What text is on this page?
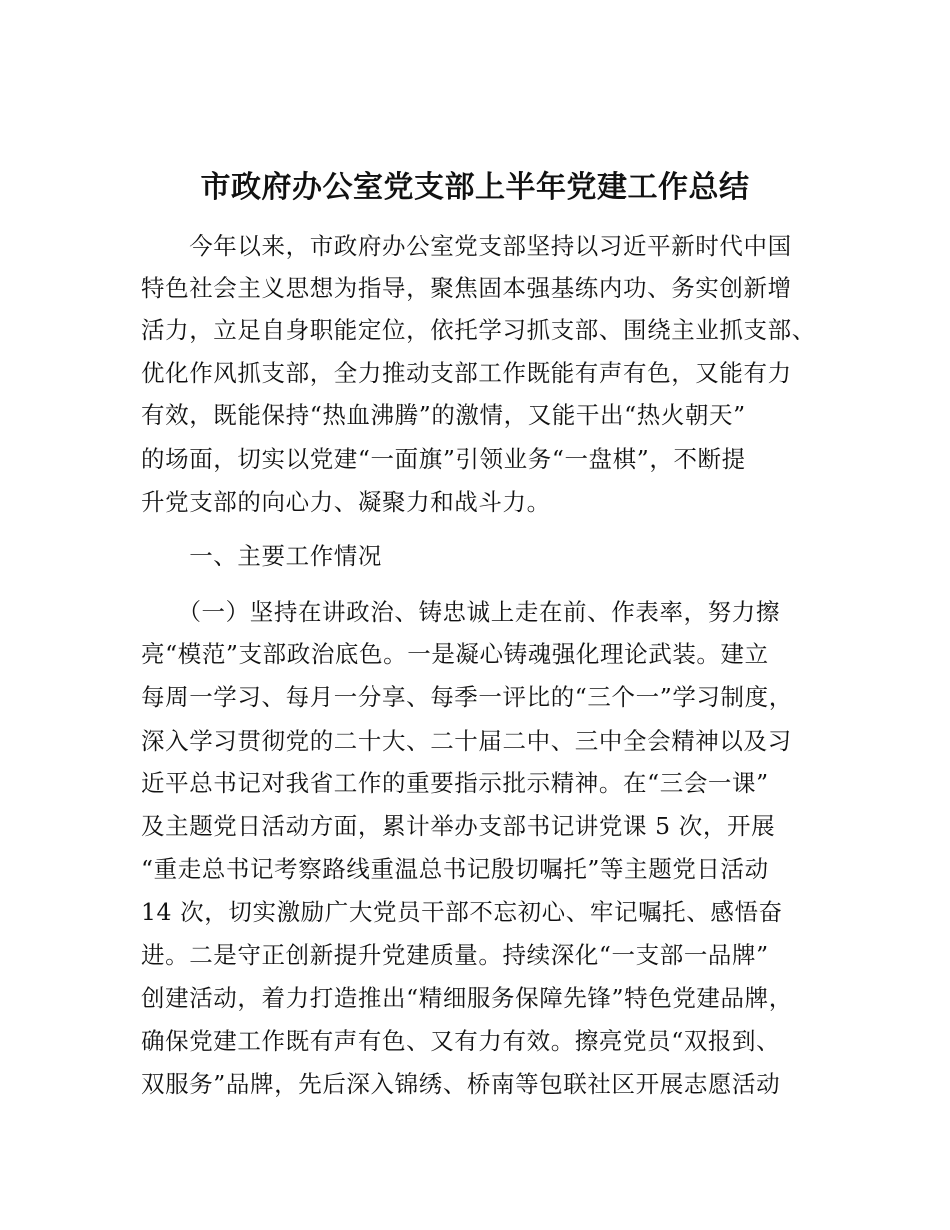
市政府办公室党支部上半年党建工作总结
　　今年以来，市政府办公室党支部坚持以习近平新时代中国
特色社会主义思想为指导，聚焦固本强基练内功、务实创新增
活力，立足自身职能定位，依托学习抓支部、围绕主业抓支部、
优化作风抓支部，全力推动支部工作既能有声有色，又能有力
有效，既能保持“热血沸腾”的激情，又能干出“热火朝天”
的场面，切实以党建“一面旗”引领业务“一盘棋”，不断提
升党支部的向心力、凝聚力和战斗力。
　　一、主要工作情况
　　（一）坚持在讲政治、铸忠诚上走在前、作表率，努力擦
亮“模范”支部政治底色。一是凝心铸魂强化理论武装。建立
每周一学习、每月一分享、每季一评比的“三个一”学习制度，
深入学习贯彻党的二十大、二十届二中、三中全会精神以及习
近平总书记对我省工作的重要指示批示精神。在“三会一课”
及主题党日活动方面，累计举办支部书记讲党课 5 次，开展
“重走总书记考察路线重温总书记殷切嘱托”等主题党日活动
14 次，切实激励广大党员干部不忘初心、牢记嘱托、感悟奋
进。二是守正创新提升党建质量。持续深化“一支部一品牌”
创建活动，着力打造推出“精细服务保障先锋”特色党建品牌，
确保党建工作既有声有色、又有力有效。擦亮党员“双报到、
双服务”品牌，先后深入锦绣、桥南等包联社区开展志愿活动
